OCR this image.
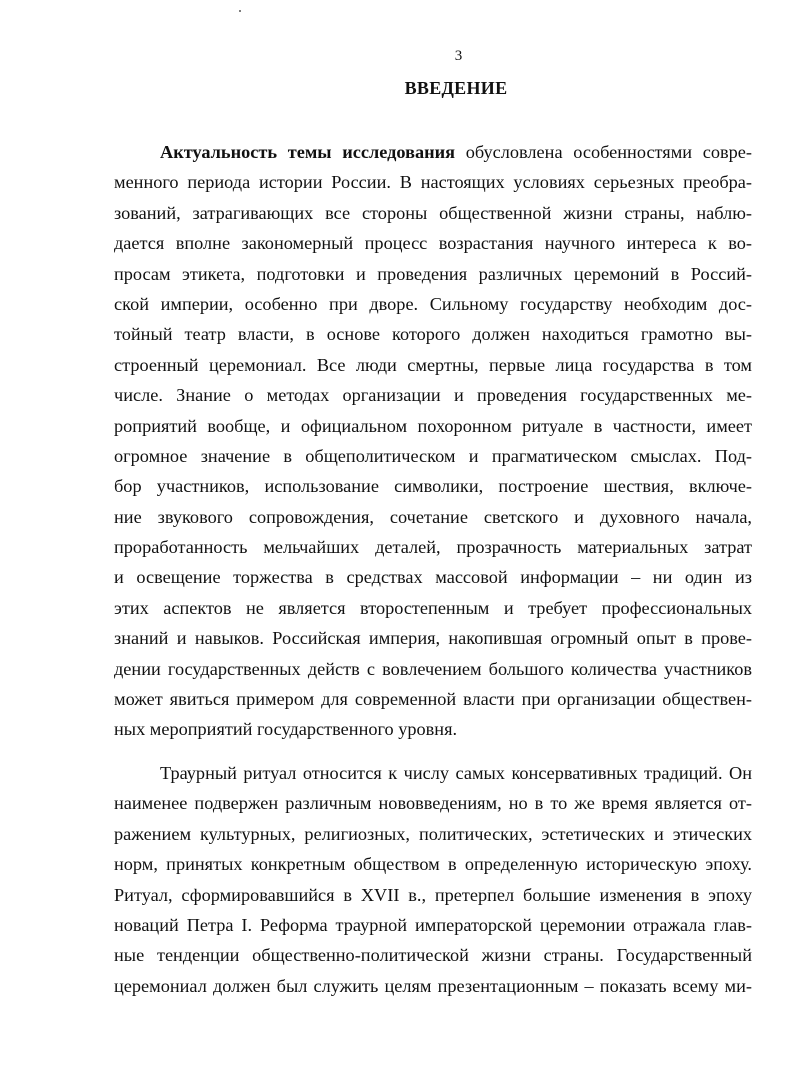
3
ВВЕДЕНИЕ
Актуальность темы исследования обусловлена особенностями совре-
менного периода истории России. В настоящих условиях серьезных преобра-
зований, затрагивающих все стороны общественной жизни страны, наблю-
дается вполне закономерный процесс возрастания научного интереса к во-
просам этикета, подготовки и проведения различных церемоний в Россий-
ской империи, особенно при дворе. Сильному государству необходим дос-
тойный театр власти, в основе которого должен находиться грамотно вы-
строенный церемониал. Все люди смертны, первые лица государства в том
числе. Знание о методах организации и проведения государственных ме-
роприятий вообще, и официальном похоронном ритуале в частности, имеет
огромное значение в общеполитическом и прагматическом смыслах. Под-
бор участников, использование символики, построение шествия, включе-
ние звукового сопровождения, сочетание светского и духовного начала,
проработанность мельчайших деталей, прозрачность материальных затрат
и освещение торжества в средствах массовой информации – ни один из
этих аспектов не является второстепенным и требует профессиональных
знаний и навыков. Российская империя, накопившая огромный опыт в прове-
дении государственных действ с вовлечением большого количества участников
может явиться примером для современной власти при организации обществен-
ных мероприятий государственного уровня.
Траурный ритуал относится к числу самых консервативных традиций. Он
наименее подвержен различным нововведениям, но в то же время является от-
ражением культурных, религиозных, политических, эстетических и этических
норм, принятых конкретным обществом в определенную историческую эпоху.
Ритуал, сформировавшийся в XVII в., претерпел большие изменения в эпоху
новаций Петра I. Реформа траурной императорской церемонии отражала глав-
ные тенденции общественно-политической жизни страны. Государственный
церемониал должен был служить целям презентационным – показать всему ми-
